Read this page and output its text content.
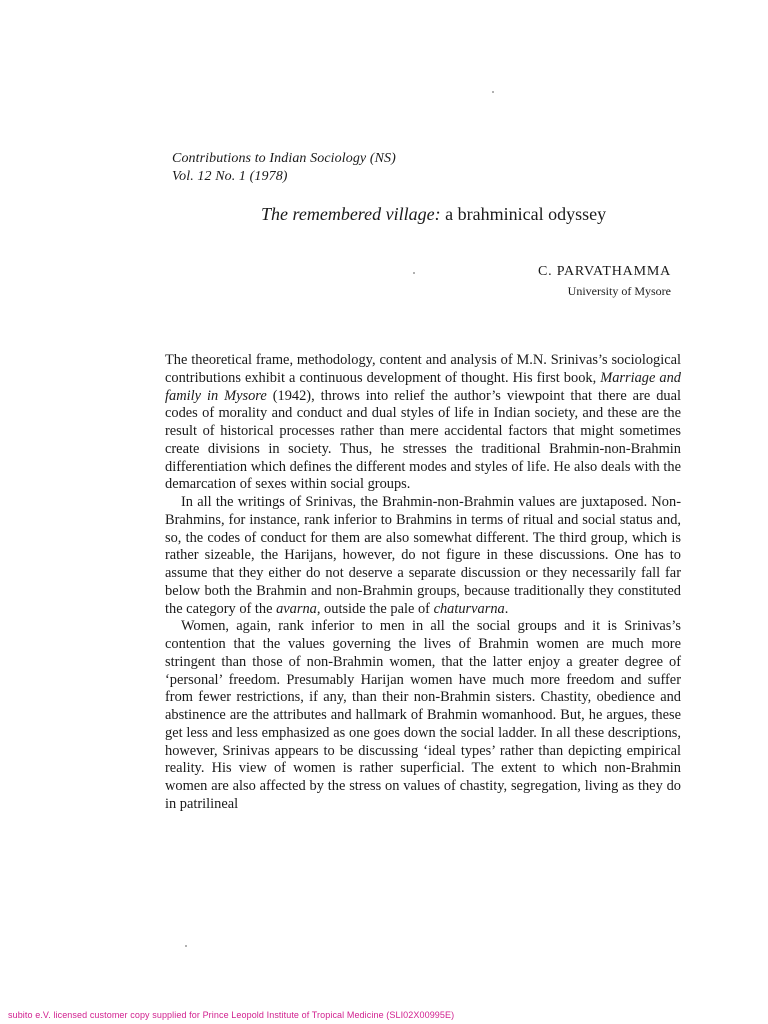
Contributions to Indian Sociology (NS)
Vol. 12 No. 1 (1978)
The remembered village: a brahminical odyssey
C. PARVATHAMMA
University of Mysore

The theoretical frame, methodology, content and analysis of M.N. Srinivas’s sociological contributions exhibit a continuous development of thought. His first book, Marriage and family in Mysore (1942), throws into relief the author’s viewpoint that there are dual codes of morality and conduct and dual styles of life in Indian society, and these are the result of historical processes rather than mere accidental factors that might sometimes create divisions in society. Thus, he stresses the traditional Brahmin-non-Brahmin differentiation which defines the different modes and styles of life. He also deals with the demarcation of sexes within social groups.

In all the writings of Srinivas, the Brahmin-non-Brahmin values are juxtaposed. Non-Brahmins, for instance, rank inferior to Brahmins in terms of ritual and social status and, so, the codes of conduct for them are also somewhat different. The third group, which is rather sizeable, the Harijans, however, do not figure in these discussions. One has to assume that they either do not deserve a separate discussion or they necessarily fall far below both the Brahmin and non-Brahmin groups, because traditionally they constituted the category of the avarna, outside the pale of chaturvarna.

Women, again, rank inferior to men in all the social groups and it is Srinivas’s contention that the values governing the lives of Brahmin women are much more stringent than those of non-Brahmin women, that the latter enjoy a greater degree of ‘personal’ freedom. Presumably Harijan women have much more freedom and suffer from fewer restrictions, if any, than their non-Brahmin sisters. Chastity, obedience and abstinence are the attributes and hallmark of Brahmin womanhood. But, he argues, these get less and less emphasized as one goes down the social ladder. In all these descriptions, however, Srinivas appears to be discussing ‘ideal types’ rather than depicting empirical reality. His view of women is rather superficial. The extent to which non-Brahmin women are also affected by the stress on values of chastity, segregation, living as they do in patrilineal

subito e.V. licensed customer copy supplied for Prince Leopold Institute of Tropical Medicine (SLI02X00995E)
